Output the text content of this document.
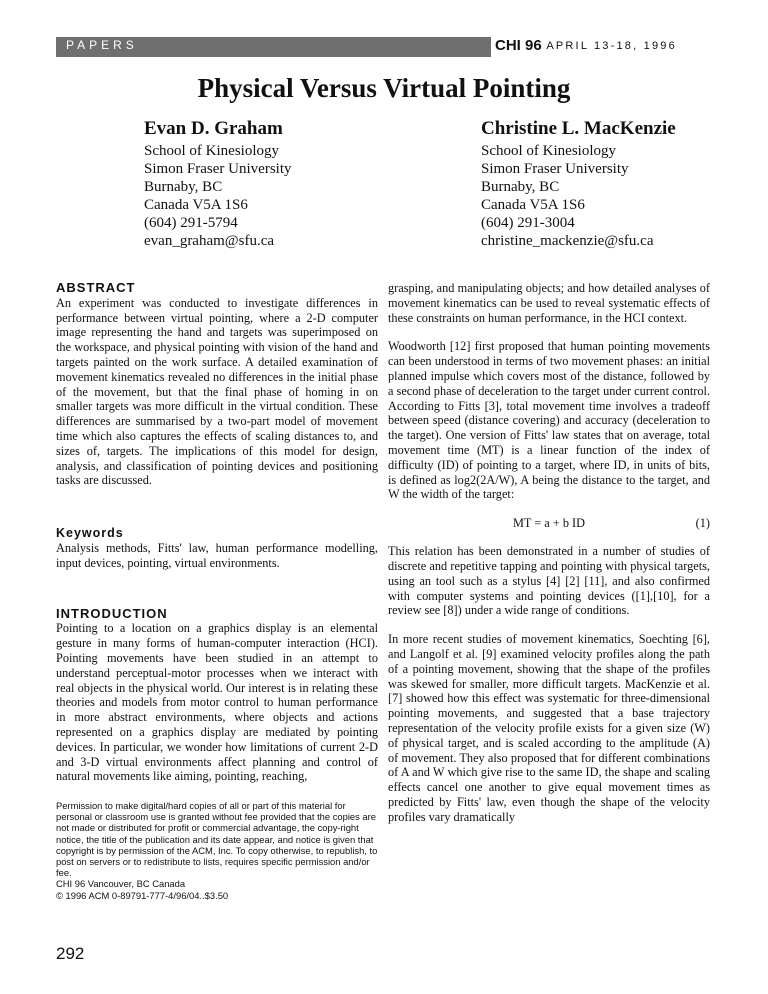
PAPERS	CHI 96 APRIL 13-18, 1996
Physical Versus Virtual Pointing
Evan D. Graham
School of Kinesiology
Simon Fraser University
Burnaby, BC
Canada V5A 1S6
(604) 291-5794
evan_graham@sfu.ca
Christine L. MacKenzie
School of Kinesiology
Simon Fraser University
Burnaby, BC
Canada V5A 1S6
(604) 291-3004
christine_mackenzie@sfu.ca
ABSTRACT

An experiment was conducted to investigate differences in performance between virtual pointing, where a 2-D computer image representing the hand and targets was superimposed on the workspace, and physical pointing with vision of the hand and targets painted on the work surface. A detailed examination of movement kinematics revealed no differences in the initial phase of the movement, but that the final phase of homing in on smaller targets was more difficult in the virtual condition. These differences are summarised by a two-part model of movement time which also captures the effects of scaling distances to, and sizes of, targets. The implications of this model for design, analysis, and classification of pointing devices and positioning tasks are discussed.

Keywords

Analysis methods, Fitts' law, human performance modelling, input devices, pointing, virtual environments.

INTRODUCTION

Pointing to a location on a graphics display is an elemental gesture in many forms of human-computer interaction (HCI). Pointing movements have been studied in an attempt to understand perceptual-motor processes when we interact with real objects in the physical world. Our interest is in relating these theories and models from motor control to human performance in more abstract environments, where objects and actions represented on a graphics display are mediated by pointing devices. In particular, we wonder how limitations of current 2-D and 3-D virtual environments affect planning and control of natural movements like aiming, pointing, reaching,

Permission to make digital/hard copies of all or part of this material for personal or classroom use is granted without fee provided that the copies are not made or distributed for profit or commercial advantage, the copy-right notice, the title of the publication and its date appear, and notice is given that copyright is by permission of the ACM, Inc. To copy otherwise, to republish, to post on servers or to redistribute to lists, requires specific permission and/or fee.

CHI 96 Vancouver, BC Canada

© 1996 ACM 0-89791-777-4/96/04..$3.50

292

grasping, and manipulating objects; and how detailed analyses of movement kinematics can be used to reveal systematic effects of these constraints on human performance, in the HCI context.

Woodworth [12] first proposed that human pointing movements can been understood in terms of two movement phases: an initial planned impulse which covers most of the distance, followed by a second phase of deceleration to the target under current control. According to Fitts [3], total movement time involves a tradeoff between speed (distance covering) and accuracy (deceleration to the target). One version of Fitts' law states that on average, total movement time (MT) is a linear function of the index of difficulty (ID) of pointing to a target, where ID, in units of bits, is defined as log2(2A/W), A being the distance to the target, and W the width of the target:

MT = a + b ID	(1)

This relation has been demonstrated in a number of studies of discrete and repetitive tapping and pointing with physical targets, using an tool such as a stylus [4] [2] [11], and also confirmed with computer systems and pointing devices ([1],[10], for a review see [8]) under a wide range of conditions.

In more recent studies of movement kinematics, Soechting [6], and Langolf et al. [9] examined velocity profiles along the path of a pointing movement, showing that the shape of the profiles was skewed for smaller, more difficult targets. MacKenzie et al. [7] showed how this effect was systematic for three-dimensional pointing movements, and suggested that a base trajectory representation of the velocity profile exists for a given size (W) of physical target, and is scaled according to the amplitude (A) of movement. They also proposed that for different combinations of A and W which give rise to the same ID, the shape and scaling effects cancel one another to give equal movement times as predicted by Fitts' law, even though the shape of the velocity profiles vary dramatically
